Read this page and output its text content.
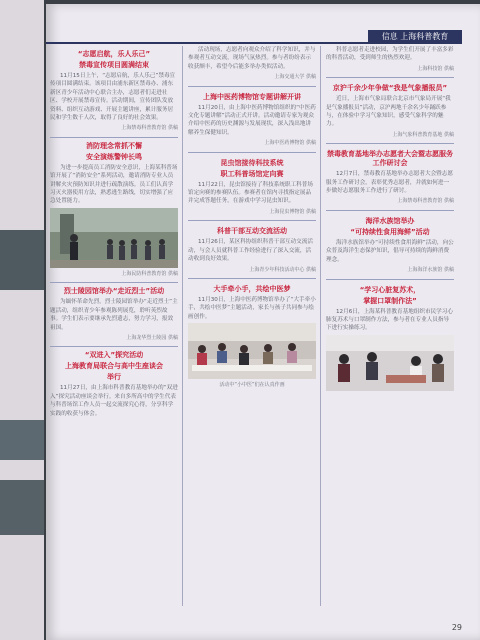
信息 上海科普教育
“志愿启航，乐人乐己”
禁毒宣传项目圆满结束

11月15日上午，“志愿启航，乐人乐己”禁毒宣传项目圆满结束。该项目由浦东新区禁毒办、浦东新区青少年活动中心联合主办，志愿者们走进社区、学校开展禁毒宣传。活动期间，宣传团队发放资料、组织互动游戏、开展主题讲座，累计服务居民和学生数千人次，取得了良好的社会效果。

上海禁毒科普教育馆 供稿
消防理念常抓不懈
安全演练警钟长鸣

为进一步提高员工消防安全意识，上海某科普场馆开展了“消防安全”系列活动，邀请消防专业人员讲解火灾预防知识并进行疏散演练。员工们认真学习灭火器使用方法，熟悉逃生路线，切实增强了应急处置能力。

上海民防科普教育馆 供稿
烈士陵园馆举办“走近烈士”活动

为缅怀革命先烈，烈士陵园馆举办“走近烈士”主题活动，组织青少年参观陈列展览，聆听英烈故事。学生们表示要继承先烈遗志，努力学习，报效祖国。

上海龙华烈士陵园 供稿
“双进入”探究活动
上海教育局联合与高中生座谈会
举行

11月27日，由上海市科普教育基地举办的“双进入”探究活动座谈会举行。来自多所高中的学生代表与科普场馆工作人员一起交流探究心得，分享科学实践的收获与体会。

活动现场，志愿者向观众介绍了科学知识，并与参观者互动交流，现场气氛热烈。参与者纷纷表示收获颇丰，希望今后能多举办类似活动。

上海交通大学 供稿
上海中医药博物馆专题讲解开讲

11月20日，由上海中医药博物馆组织的“中医药文化专题讲解”活动正式开讲。活动邀请专家为观众介绍中医药的历史渊源与发展现状，深入浅出地讲解养生保健知识。

上海中医药博物馆 供稿
昆虫馆接待科技系统
职工科普场馆定向赛

11月22日，昆虫馆接待了科技系统职工科普场馆定向赛的参赛队伍。参赛者在馆内寻找指定展品并完成答题任务，在游戏中学习昆虫知识。

上海昆虫博物馆 供稿
科普干部互动交流活动

11月26日，某区科协组织科普干部互动交流活动，与会人员就科普工作经验进行了深入交流，活动收到良好效果。

上海青少年科技活动中心 供稿
大手牵小手，共绘中医梦

11月30日，上海中医药博物馆举办了“大手牵小手，共绘中医梦”主题活动，家长与孩子共同参与绘画创作。

活动中“小中医”们在认真作画

科普志愿者走进校园，为学生们开展了丰富多彩的科普活动，受到师生的热烈欢迎。

上海科技馆 供稿
京沪千余少年争做“我是气象播报员”

近日，上海市气象局联合北京市气象局开展“我是气象播报员”活动，京沪两地千余名少年踊跃参与，在体验中学习气象知识，感受气象科学的魅力。

上海气象科普教育基地 供稿
禁毒教育基地举办志愿者大会暨志愿服务工作研讨会

12月7日，禁毒教育基地举办志愿者大会暨志愿服务工作研讨会，表彰优秀志愿者，并就如何进一步做好志愿服务工作进行了研讨。

上海禁毒科普教育馆 供稿
海洋水族馆举办
“可持续性食用海鲜”活动

海洋水族馆举办“可持续性食用海鲜”活动，向公众普及海洋生态保护知识，倡导可持续的海鲜消费理念。

上海海洋水族馆 供稿
“学习心脏复苏术，
掌握口罩制作法”

12月6日，上海某科普教育基地组织市民学习心肺复苏术与口罩制作方法，参与者在专业人员指导下进行实操练习。

29
